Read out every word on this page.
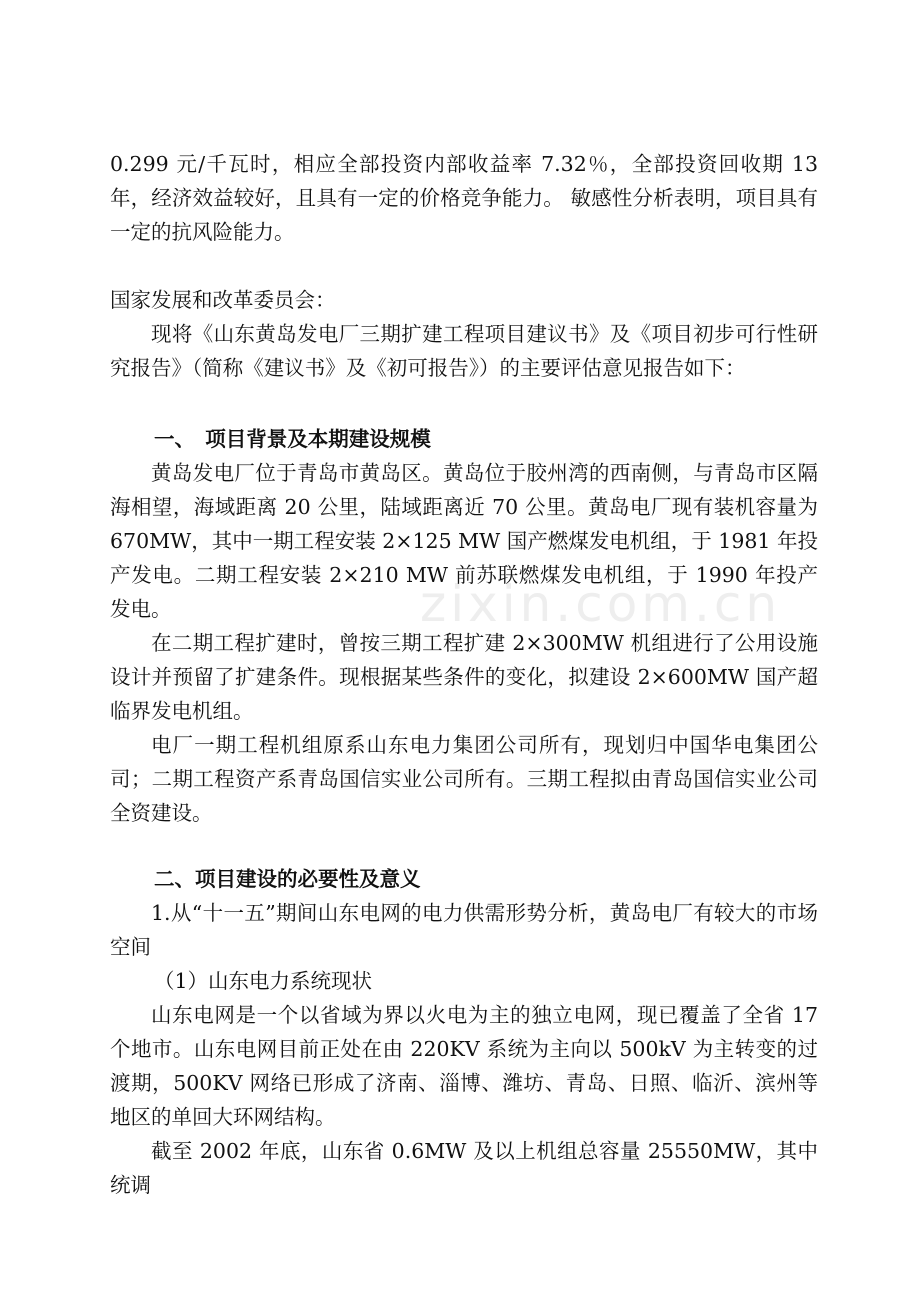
zixin.com.cn

0.299 元/千瓦时，相应全部投资内部收益率 7.32％，全部投资回收期 13 年，经济效益较好，且具有一定的价格竞争能力。 敏感性分析表明，项目具有一定的抗风险能力。

国家发展和改革委员会：

现将《山东黄岛发电厂三期扩建工程项目建议书》及《项目初步可行性研究报告》（简称《建议书》及《初可报告》）的主要评估意见报告如下：

一、　项目背景及本期建设规模

黄岛发电厂位于青岛市黄岛区。黄岛位于胶州湾的西南侧，与青岛市区隔海相望，海域距离 20 公里，陆域距离近 70 公里。黄岛电厂现有装机容量为 670MW，其中一期工程安装 2×125 MW 国产燃煤发电机组，于 1981 年投产发电。二期工程安装 2×210 MW 前苏联燃煤发电机组，于 1990 年投产发电。

在二期工程扩建时，曾按三期工程扩建 2×300MW 机组进行了公用设施设计并预留了扩建条件。现根据某些条件的变化，拟建设 2×600MW 国产超临界发电机组。

电厂一期工程机组原系山东电力集团公司所有，现划归中国华电集团公司；二期工程资产系青岛国信实业公司所有。三期工程拟由青岛国信实业公司全资建设。

二、项目建设的必要性及意义

1.从“十一五”期间山东电网的电力供需形势分析，黄岛电厂有较大的市场空间

（1）山东电力系统现状

山东电网是一个以省域为界以火电为主的独立电网，现已覆盖了全省 17 个地市。山东电网目前正处在由 220KV 系统为主向以 500kV 为主转变的过渡期，500KV 网络已形成了济南、淄博、潍坊、青岛、日照、临沂、滨州等地区的单回大环网结构。

截至 2002 年底，山东省 0.6MW 及以上机组总容量 25550MW，其中统调
